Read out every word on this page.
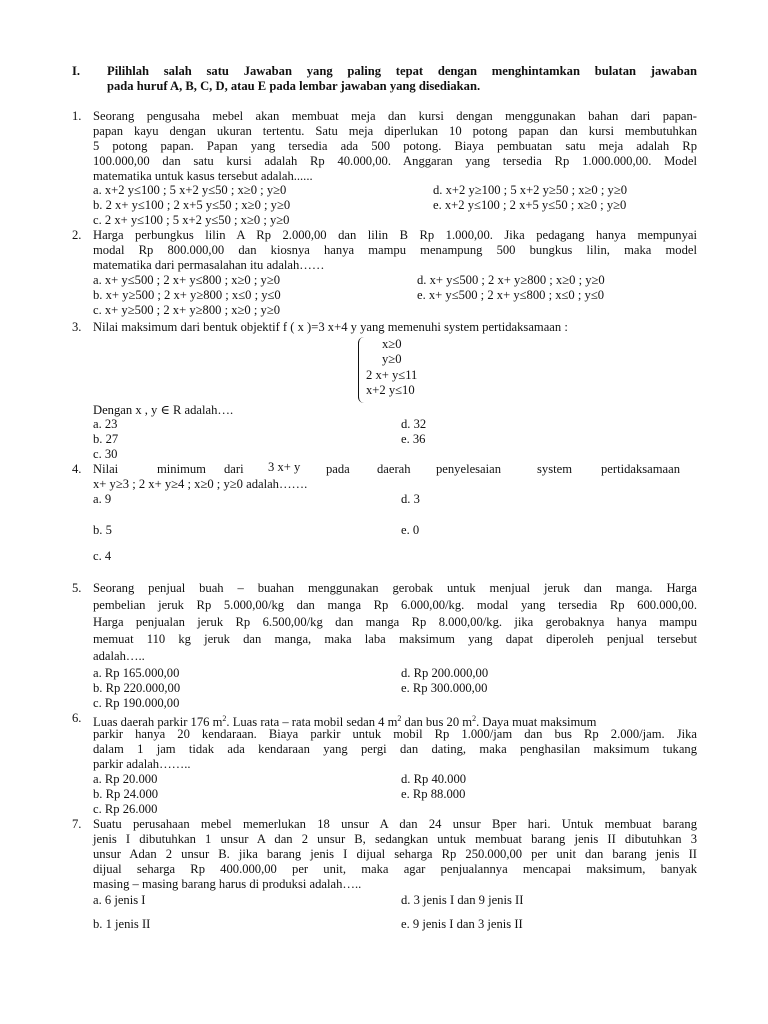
I. Pilihlah salah satu Jawaban yang paling tepat dengan menghintamkan bulatan jawaban
pada huruf A, B, C, D, atau E pada lembar jawaban yang disediakan.
1. Seorang pengusaha mebel akan membuat meja dan kursi dengan menggunakan bahan dari papan-
papan kayu dengan ukuran tertentu. Satu meja diperlukan 10 potong papan dan kursi membutuhkan
5 potong papan. Papan yang tersedia ada 500 potong. Biaya pembuatan satu meja adalah Rp
100.000,00 dan satu kursi adalah Rp 40.000,00. Anggaran yang tersedia Rp 1.000.000,00. Model
matematika untuk kasus tersebut adalah......
a. x+2 y≤100 ; 5 x+2 y≤50 ; x≥0 ; y≥0	d. x+2 y≥100 ; 5 x+2 y≥50 ; x≥0 ; y≥0
b. 2 x+ y≤100 ; 2 x+5 y≤50 ; x≥0 ; y≥0	e. x+2 y≤100 ; 2 x+5 y≤50 ; x≥0 ; y≥0
c. 2 x+ y≤100 ; 5 x+2 y≤50 ; x≥0 ; y≥0
2. Harga perbungkus lilin A Rp 2.000,00 dan lilin B Rp 1.000,00. Jika pedagang hanya mempunyai
modal Rp 800.000,00 dan kiosnya hanya mampu menampung 500 bungkus lilin, maka model
matematika dari permasalahan itu adalah……
a. x+ y≤500 ; 2 x+ y≤800 ; x≥0 ; y≥0	d. x+ y≤500 ; 2 x+ y≥800 ; x≥0 ; y≥0
b. x+ y≥500 ; 2 x+ y≥800 ; x≤0 ; y≤0	e. x+ y≤500 ; 2 x+ y≤800 ; x≤0 ; y≤0
c. x+ y≥500 ; 2 x+ y≥800 ; x≥0 ; y≥0
3. Nilai maksimum dari bentuk objektif f ( x )=3 x+4 y yang memenuhi system pertidaksamaan :
x≥0
y≥0
2 x+ y≤11
x+2 y≤10
Dengan x , y ∈ R adalah….
a. 23	d. 32
b. 27	e. 36
c. 30
4. Nilai	minimum dari 3 x+ y pada daerah penyelesaian	system pertidaksamaan
x+ y≥3 ; 2 x+ y≥4 ; x≥0 ; y≥0 adalah…….
a. 9	d. 3
b. 5	e. 0
c. 4
5. Seorang penjual buah – buahan menggunakan gerobak untuk menjual jeruk dan manga. Harga
pembelian jeruk Rp 5.000,00/kg dan manga Rp 6.000,00/kg. modal yang tersedia Rp 600.000,00.
Harga penjualan jeruk Rp 6.500,00/kg dan manga Rp 8.000,00/kg. jika gerobaknya hanya mampu
memuat 110 kg jeruk dan manga, maka laba maksimum yang dapat diperoleh penjual tersebut
adalah…..
a. Rp 165.000,00	d. Rp 200.000,00
b. Rp 220.000,00	e. Rp 300.000,00
c. Rp 190.000,00
6. Luas daerah parkir 176 $m^2$. Luas rata – rata mobil sedan 4 $m^2$ dan bus 20 $m^2$. Daya muat maksimum
parkir hanya 20 kendaraan. Biaya parkir untuk mobil Rp 1.000/jam dan bus Rp 2.000/jam. Jika
dalam 1 jam tidak ada kendaraan yang pergi dan dating, maka penghasilan maksimum tukang
parkir adalah……..
a. Rp 20.000	d. Rp 40.000
b. Rp 24.000	e. Rp 88.000
c. Rp 26.000
7. Suatu perusahaan mebel memerlukan 18 unsur A dan 24 unsur Bper hari. Untuk membuat barang
jenis I dibutuhkan 1 unsur A dan 2 unsur B, sedangkan untuk membuat barang jenis II dibutuhkan 3
unsur Adan 2 unsur B. jika barang jenis I dijual seharga Rp 250.000,00 per unit dan barang jenis II
dijual seharga Rp 400.000,00 per unit, maka agar penjualannya mencapai maksimum, banyak
masing – masing barang harus di produksi adalah…..
a. 6 jenis I	d. 3 jenis I dan 9 jenis II
b. 1 jenis II	e. 9 jenis I dan 3 jenis II
